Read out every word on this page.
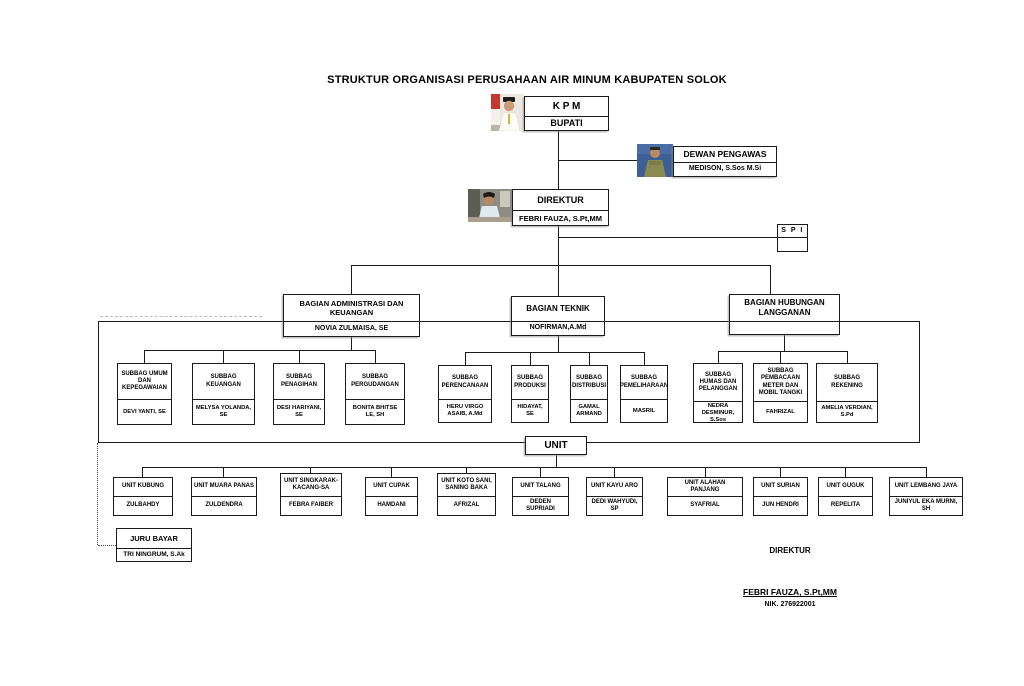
STRUKTUR ORGANISASI PERUSAHAAN AIR MINUM KABUPATEN SOLOK
K P M
BUPATI
DEWAN PENGAWAS
MEDISON, S.Sos M.Si
DIREKTUR
FEBRI FAUZA, S.Pt,MM
S P I
BAGIAN ADMINISTRASI DAN KEUANGAN
NOVIA ZULMAISA, SE
BAGIAN TEKNIK
NOFIRMAN,A.Md
BAGIAN HUBUNGAN LANGGANAN
SUBBAG UMUM DAN KEPEGAWAIAN
DEVI YANTI, SE
SUBBAG KEUANGAN
MELYSA YOLANDA, SE
SUBBAG PENAGIHAN
DESI HARIYANI, SE
SUBBAG PERGUDANGAN
BONITA BHITSE LE, SH
SUBBAG PERENCANAAN
HERU VIRGO ASAIB, A.Md
SUBBAG PRODUKSI
HIDAYAT, SE
SUBBAG DISTRIBUSI
GAMAL ARMAND
SUBBAG PEMELIHARAAN
MASRIL
SUBBAG HUMAS DAN PELANGGAN
NEDRA DESMINUR, S.Sos
SUBBAG PEMBACAAN METER DAN MOBIL TANGKI
FAHRIZAL
SUBBAG REKENING
AMELIA VERDIAN, S.Pd
UNIT
UNIT KUBUNG
ZULBAHDY
UNIT MUARA PANAS
ZULDENDRA
UNIT SINGKARAK-KACANG-SA
FEBRA FAIBER
UNIT CUPAK
HAMDANI
UNIT KOTO SANI, SANING BAKA
AFRIZAL
UNIT TALANG
DEDEN SUPRIADI
UNIT KAYU ARO
DEDI WAHYUDI, SP
UNIT ALAHAN PANJANG
SYAFRIAL
UNIT SURIAN
JUN HENDRI
UNIT GUGUK
REPELITA
UNIT LEMBANG JAYA
JUNIYUL EKA MURNI, SH
JURU BAYAR
TRI NINGRUM, S.Ak	DIREKTUR
FEBRI FAUZA, S.Pt,MM
NIK. 276922001
